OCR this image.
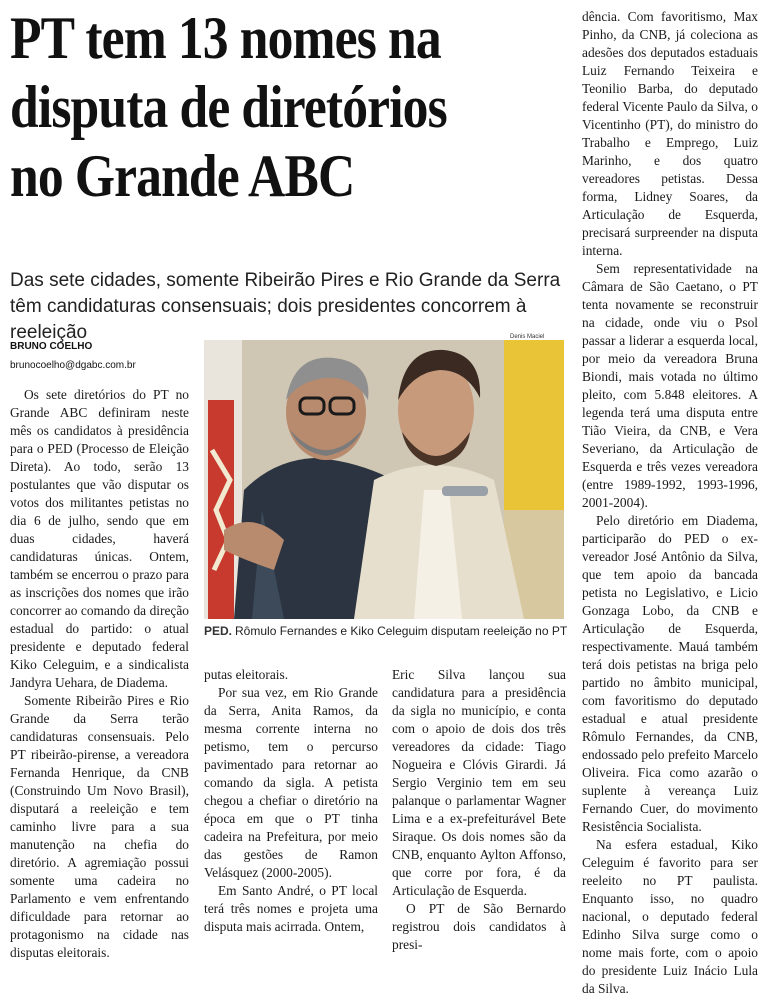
PT tem 13 nomes na
disputa de diretórios
no Grande ABC
Das sete cidades, somente Ribeirão Pires e Rio Grande da Serra têm candidaturas consensuais; dois presidentes concorrem à reeleição
BRUNO COELHO
brunocoelho@dgabc.com.br
Denis Maciel

Os sete diretórios do PT no Grande ABC definiram neste mês os candidatos à presidência para o PED (Processo de Eleição Direta). Ao todo, serão 13 postulantes que vão disputar os votos dos militantes petistas no dia 6 de julho, sendo que em duas cidades, haverá candidaturas únicas. Ontem, também se encerrou o prazo para as inscrições dos nomes que irão concorrer ao comando da direção estadual do partido: o atual presidente e deputado federal Kiko Celeguim, e a sindicalista Jandyra Uehara, de Diadema.

Somente Ribeirão Pires e Rio Grande da Serra terão candidaturas consensuais. Pelo PT ribeirão-pirense, a vereadora Fernanda Henrique, da CNB (Construindo Um Novo Brasil), disputará a reeleição e tem caminho livre para a sua manutenção na chefia do diretório. A agremiação possui somente uma cadeira no Parlamento e vem enfrentando dificuldade para retornar ao protagonismo na cidade nas disputas eleitorais.

PED. Rômulo Fernandes e Kiko Celeguim disputam reeleição no PT

putas eleitorais.

Por sua vez, em Rio Grande da Serra, Anita Ramos, da mesma corrente interna no petismo, tem o percurso pavimentado para retornar ao comando da sigla. A petista chegou a chefiar o diretório na época em que o PT tinha cadeira na Prefeitura, por meio das gestões de Ramon Velásquez (2000-2005).

Em Santo André, o PT local terá três nomes e projeta uma disputa mais acirrada. Ontem,

Eric Silva lançou sua candidatura para a presidência da sigla no município, e conta com o apoio de dois dos três vereadores da cidade: Tiago Nogueira e Clóvis Girardi. Já Sergio Verginio tem em seu palanque o parlamentar Wagner Lima e a ex-prefeiturável Bete Siraque. Os dois nomes são da CNB, enquanto Aylton Affonso, que corre por fora, é da Articulação de Esquerda.

O PT de São Bernardo registrou dois candidatos à presi-

dência. Com favoritismo, Max Pinho, da CNB, já coleciona as adesões dos deputados estaduais Luiz Fernando Teixeira e Teonilio Barba, do deputado federal Vicente Paulo da Silva, o Vicentinho (PT), do ministro do Trabalho e Emprego, Luiz Marinho, e dos quatro vereadores petistas. Dessa forma, Lidney Soares, da Articulação de Esquerda, precisará surpreender na disputa interna.

Sem representatividade na Câmara de São Caetano, o PT tenta novamente se reconstruir na cidade, onde viu o Psol passar a liderar a esquerda local, por meio da vereadora Bruna Biondi, mais votada no último pleito, com 5.848 eleitores. A legenda terá uma disputa entre Tião Vieira, da CNB, e Vera Severiano, da Articulação de Esquerda e três vezes vereadora (entre 1989-1992, 1993-1996, 2001-2004).

Pelo diretório em Diadema, participarão do PED o ex-vereador José Antônio da Silva, que tem apoio da bancada petista no Legislativo, e Licio Gonzaga Lobo, da CNB e Articulação de Esquerda, respectivamente. Mauá também terá dois petistas na briga pelo partido no âmbito municipal, com favoritismo do deputado estadual e atual presidente Rômulo Fernandes, da CNB, endossado pelo prefeito Marcelo Oliveira. Fica como azarão o suplente à vereança Luiz Fernando Cuer, do movimento Resistência Socialista.

Na esfera estadual, Kiko Celeguim é favorito para ser reeleito no PT paulista. Enquanto isso, no quadro nacional, o deputado federal Edinho Silva surge como o nome mais forte, com o apoio do presidente Luiz Inácio Lula da Silva.
